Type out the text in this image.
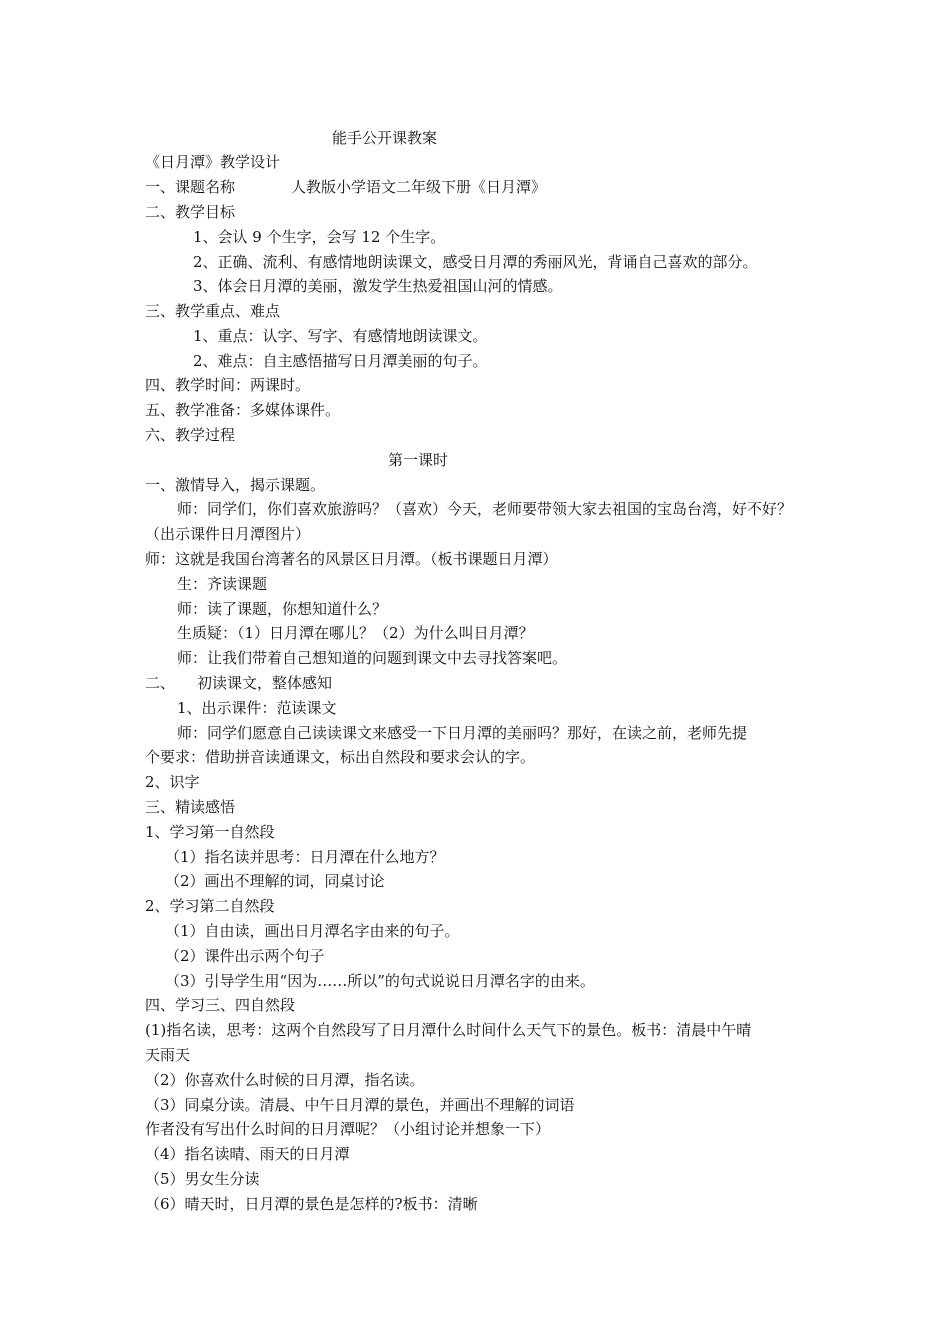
能手公开课教案
《日月潭》教学设计
一、课题名称	人教版小学语文二年级下册《日月潭》
二、教学目标
1、会认 9 个生字，会写 12 个生字。
2、正确、流利、有感情地朗读课文，感受日月潭的秀丽风光，背诵自己喜欢的部分。
3、体会日月潭的美丽，激发学生热爱祖国山河的情感。
三、教学重点、难点
1、重点：认字、写字、有感情地朗读课文。
2、难点：自主感悟描写日月潭美丽的句子。
四、教学时间：两课时。
五、教学准备：多媒体课件。
六、教学过程
第一课时
一、激情导入，揭示课题。
师：同学们，你们喜欢旅游吗？（喜欢）今天，老师要带领大家去祖国的宝岛台湾，好不好？
（出示课件日月潭图片）
师：这就是我国台湾著名的风景区日月潭。（板书课题日月潭）
生：齐读课题
师：读了课题，你想知道什么？
生质疑：（1）日月潭在哪儿？（2）为什么叫日月潭？
师：让我们带着自己想知道的问题到课文中去寻找答案吧。
二、 初读课文，整体感知
1、出示课件：范读课文
师：同学们愿意自己读读课文来感受一下日月潭的美丽吗？那好，在读之前，老师先提
个要求：借助拼音读通课文，标出自然段和要求会认的字。
2、识字
三、精读感悟
1、学习第一自然段
（1）指名读并思考：日月潭在什么地方？
（2）画出不理解的词，同桌讨论
2、学习第二自然段
（1）自由读，画出日月潭名字由来的句子。
（2）课件出示两个句子
（3）引导学生用“因为……所以”的句式说说日月潭名字的由来。
四、学习三、四自然段
(1)指名读，思考：这两个自然段写了日月潭什么时间什么天气下的景色。板书：清晨中午晴
天雨天
（2）你喜欢什么时候的日月潭，指名读。
（3）同桌分读。清晨、中午日月潭的景色，并画出不理解的词语
作者没有写出什么时间的日月潭呢？（小组讨论并想象一下）
（4）指名读晴、雨天的日月潭
（5）男女生分读
（6）晴天时，日月潭的景色是怎样的?板书：清晰
